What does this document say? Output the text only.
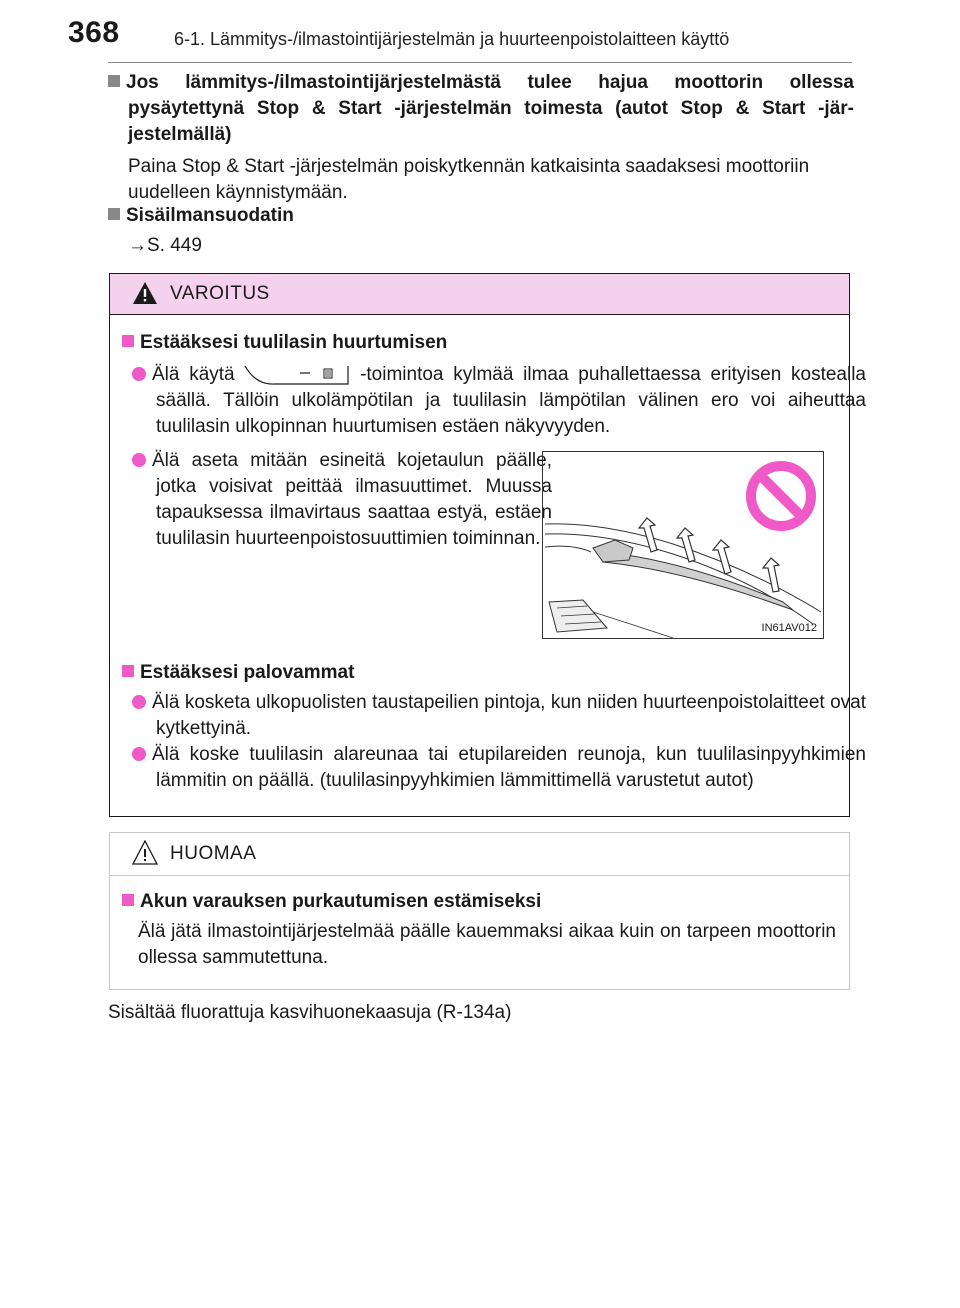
368	6-1. Lämmitys-/ilmastointijärjestelmän ja huurteenpoistolaitteen käyttö
Jos lämmitys-/ilmastointijärjestelmästä tulee hajua moottorin ollessa pysäytettynä Stop & Start -järjestelmän toimesta (autot Stop & Start -järjestelmällä)
Paina Stop & Start -järjestelmän poiskytkennän katkaisinta saadaksesi moottoriin uudelleen käynnistymään.
Sisäilmansuodatin
→S. 449
VAROITUS
Estääksesi tuulilasin huurtumisen
Älä käytä	-toimintoa kylmää ilmaa puhallettaessa erityisen kostealla säällä. Tällöin ulkolämpötilan ja tuulilasin lämpötilan välinen ero voi aiheuttaa tuulilasin ulkopinnan huurtumisen estäen näkyvyyden.
Älä aseta mitään esineitä kojetaulun päälle, jotka voisivat peittää ilmasuuttimet. Muussa tapauksessa ilmavirtaus saattaa estyä, estäen tuulilasin huurteenpoistosuuttimien toiminnan.
Estääksesi palovammat
Älä kosketa ulkopuolisten taustapeilien pintoja, kun niiden huurteenpoistolaitteet ovat kytkettyinä.
Älä koske tuulilasin alareunaa tai etupilareiden reunoja, kun tuulilasinpyyhkimien lämmitin on päällä. (tuulilasinpyyhkimien lämmittimellä varustetut autot)
IN61AV012
HUOMAA
Akun varauksen purkautumisen estämiseksi
Älä jätä ilmastointijärjestelmää päälle kauemmaksi aikaa kuin on tarpeen moottorin ollessa sammutettuna.
Sisältää fluorattuja kasvihuonekaasuja (R-134a)
